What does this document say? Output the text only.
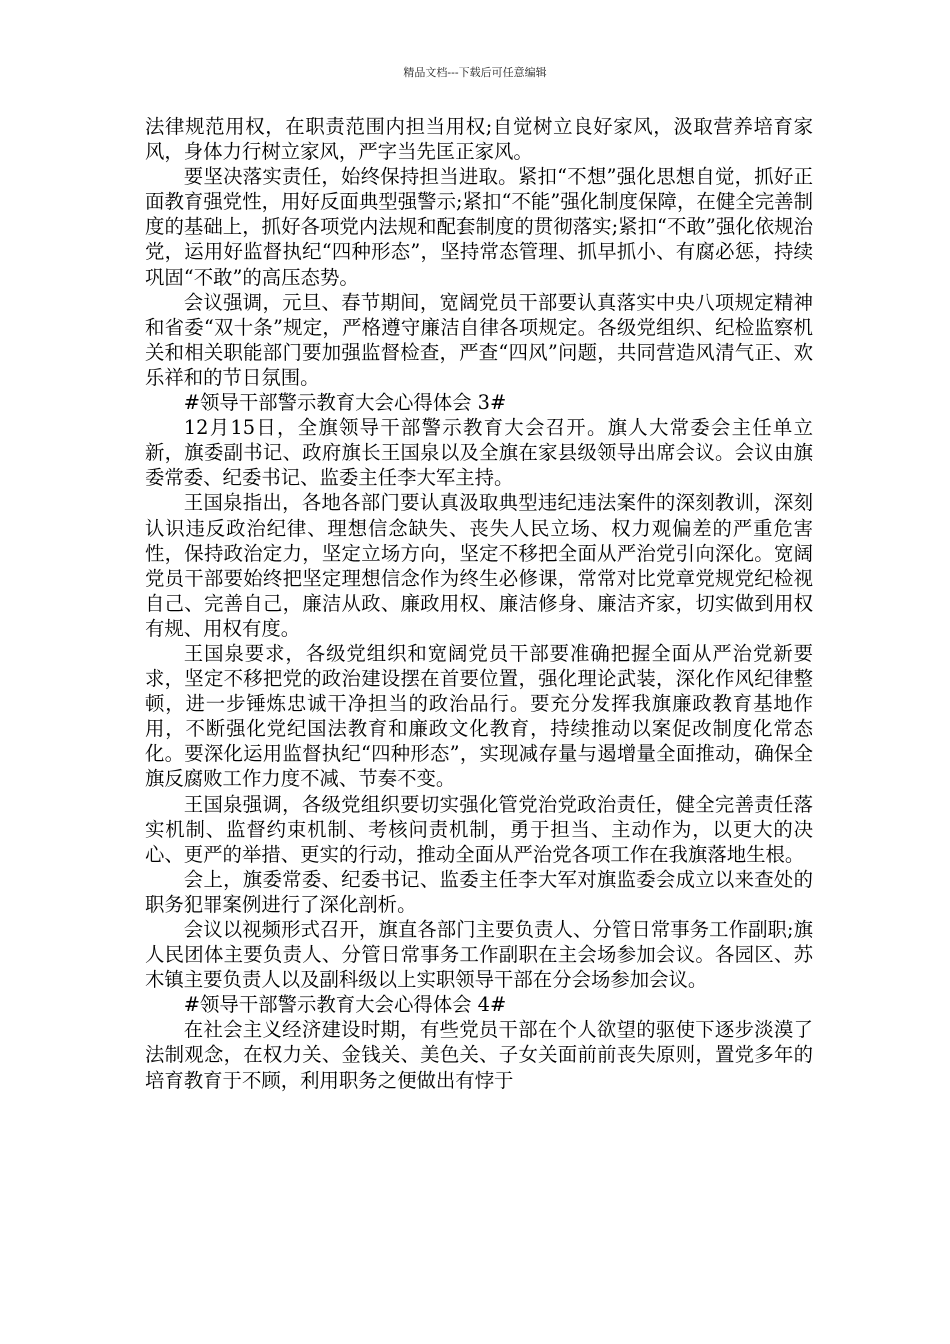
精品文档---下载后可任意编辑

法律规范用权，在职责范围内担当用权;自觉树立良好家风，汲取营养培育家风，身体力行树立家风，严字当先匡正家风。

要坚决落实责任，始终保持担当进取。紧扣“不想”强化思想自觉，抓好正面教育强党性，用好反面典型强警示;紧扣“不能”强化制度保障，在健全完善制度的基础上，抓好各项党内法规和配套制度的贯彻落实;紧扣“不敢”强化依规治党，运用好监督执纪“四种形态”，坚持常态管理、抓早抓小、有腐必惩，持续巩固“不敢”的高压态势。

会议强调，元旦、春节期间，宽阔党员干部要认真落实中央八项规定精神和省委“双十条”规定，严格遵守廉洁自律各项规定。各级党组织、纪检监察机关和相关职能部门要加强监督检查，严查“四风”问题，共同营造风清气正、欢乐祥和的节日氛围。

#领导干部警示教育大会心得体会 3#

12月15日，全旗领导干部警示教育大会召开。旗人大常委会主任单立新，旗委副书记、政府旗长王国泉以及全旗在家县级领导出席会议。会议由旗委常委、纪委书记、监委主任李大军主持。

王国泉指出，各地各部门要认真汲取典型违纪违法案件的深刻教训，深刻认识违反政治纪律、理想信念缺失、丧失人民立场、权力观偏差的严重危害性，保持政治定力，坚定立场方向，坚定不移把全面从严治党引向深化。宽阔党员干部要始终把坚定理想信念作为终生必修课，常常对比党章党规党纪检视自己、完善自己，廉洁从政、廉政用权、廉洁修身、廉洁齐家，切实做到用权有规、用权有度。

王国泉要求，各级党组织和宽阔党员干部要准确把握全面从严治党新要求，坚定不移把党的政治建设摆在首要位置，强化理论武装，深化作风纪律整顿，进一步锤炼忠诚干净担当的政治品行。要充分发挥我旗廉政教育基地作用，不断强化党纪国法教育和廉政文化教育，持续推动以案促改制度化常态化。要深化运用监督执纪“四种形态”，实现减存量与遏增量全面推动，确保全旗反腐败工作力度不减、节奏不变。

王国泉强调，各级党组织要切实强化管党治党政治责任，健全完善责任落实机制、监督约束机制、考核问责机制，勇于担当、主动作为，以更大的决心、更严的举措、更实的行动，推动全面从严治党各项工作在我旗落地生根。

会上，旗委常委、纪委书记、监委主任李大军对旗监委会成立以来查处的职务犯罪案例进行了深化剖析。

会议以视频形式召开，旗直各部门主要负责人、分管日常事务工作副职;旗人民团体主要负责人、分管日常事务工作副职在主会场参加会议。各园区、苏木镇主要负责人以及副科级以上实职领导干部在分会场参加会议。

#领导干部警示教育大会心得体会 4#

在社会主义经济建设时期，有些党员干部在个人欲望的驱使下逐步淡漠了法制观念，在权力关、金钱关、美色关、子女关面前前丧失原则，置党多年的培育教育于不顾，利用职务之便做出有悖于
